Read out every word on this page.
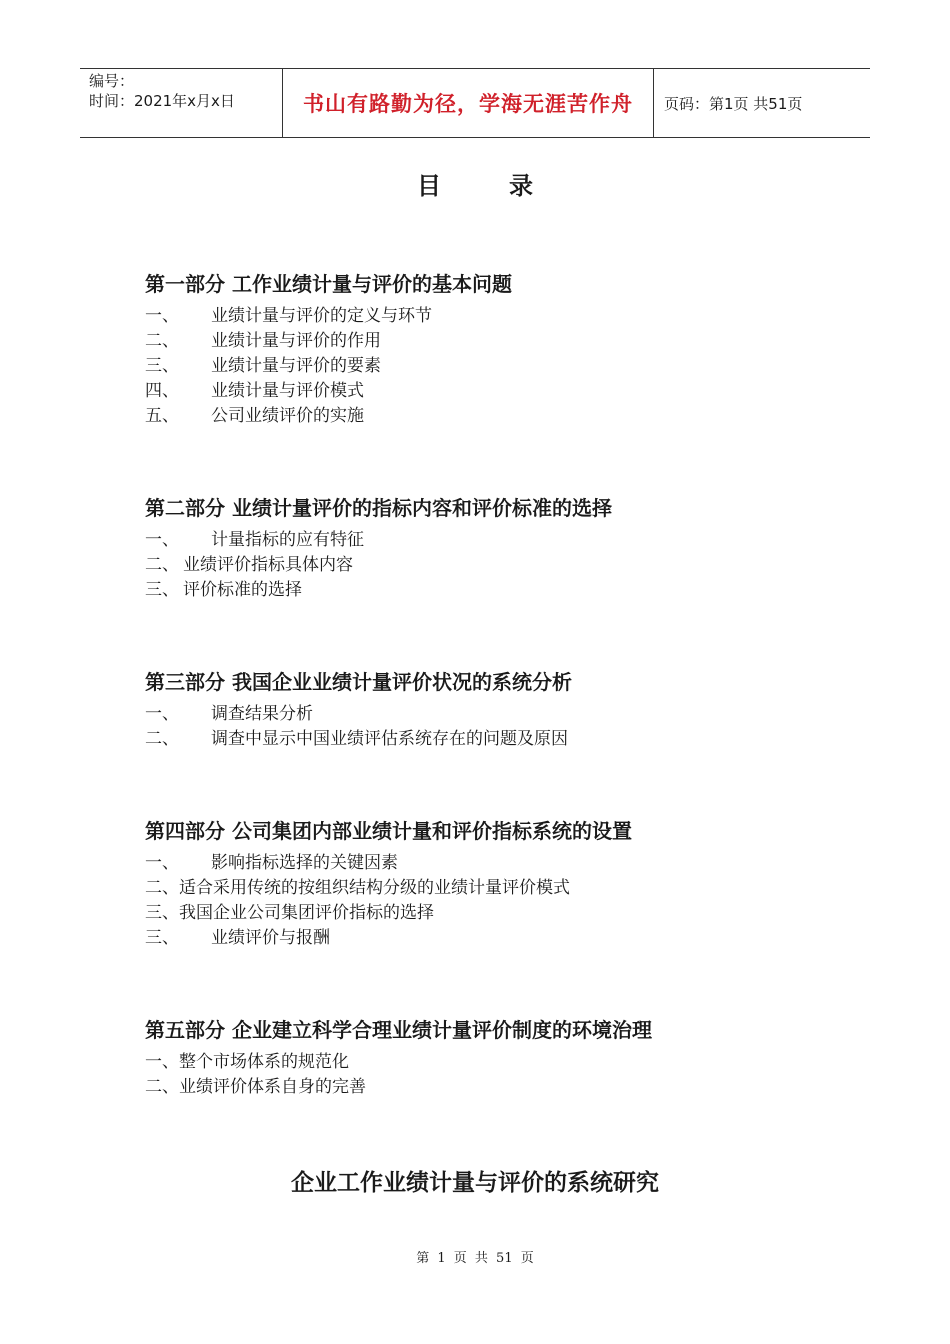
编号：
时间：2021年x月x日	书山有路勤为径，学海无涯苦作舟 页码：第1页 共51页
目	录
第一部分 工作业绩计量与评价的基本问题
一、	业绩计量与评价的定义与环节
二、	业绩计量与评价的作用
三、	业绩计量与评价的要素
四、	业绩计量与评价模式
五、	公司业绩评价的实施
第二部分 业绩计量评价的指标内容和评价标准的选择
一、	计量指标的应有特征
二、 业绩评价指标具体内容
三、 评价标准的选择
第三部分 我国企业业绩计量评价状况的系统分析
一、	调查结果分析
二、	调查中显示中国业绩评估系统存在的问题及原因
第四部分 公司集团内部业绩计量和评价指标系统的设置
一、	影响指标选择的关键因素
二、 适合采用传统的按组织结构分级的业绩计量评价模式
三、 我国企业公司集团评价指标的选择
三、	业绩评价与报酬
第五部分 企业建立科学合理业绩计量评价制度的环境治理
一、 整个市场体系的规范化
二、 业绩评价体系自身的完善
企业工作业绩计量与评价的系统研究
第 1 页 共 51 页
